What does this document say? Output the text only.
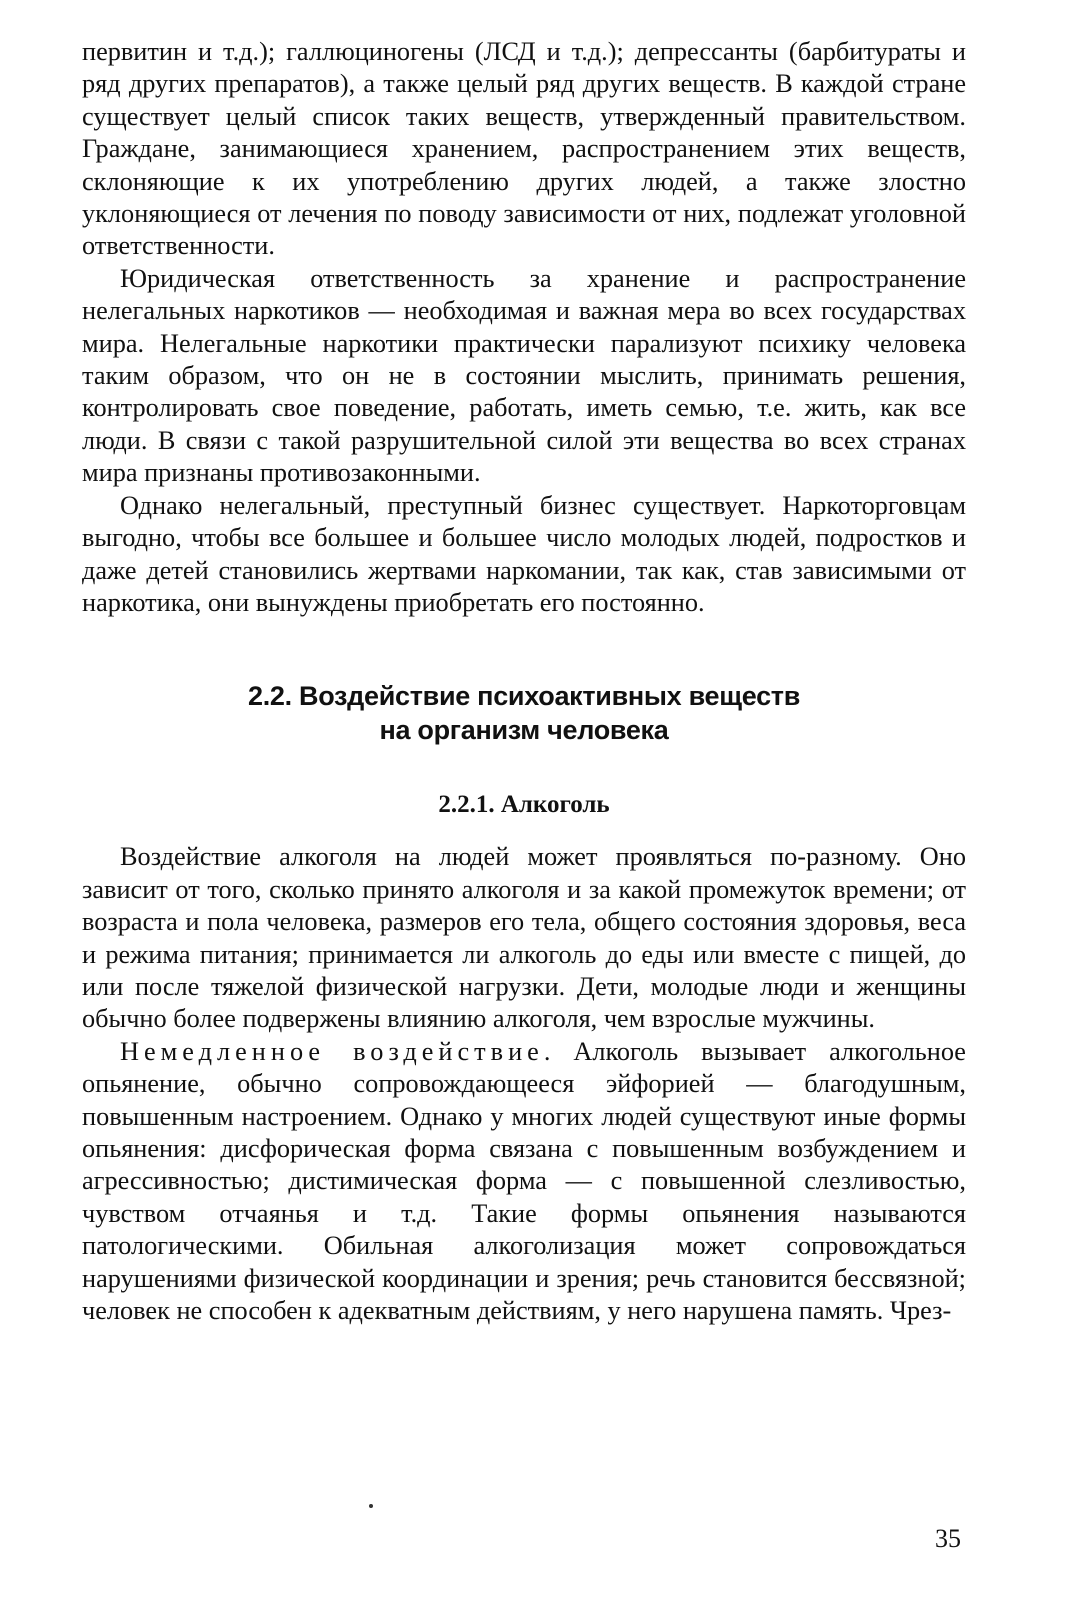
первитин и т.д.); галлюциногены (ЛСД и т.д.); депрессанты (барбитураты и ряд других препаратов), а также целый ряд других веществ. В каждой стране существует целый список таких веществ, утвержденный правительством. Граждане, занимающиеся хранением, распространением этих веществ, склоняющие к их употреблению других людей, а также злостно уклоняющиеся от лечения по поводу зависимости от них, подлежат уголовной ответственности.

Юридическая ответственность за хранение и распространение нелегальных наркотиков — необходимая и важная мера во всех государствах мира. Нелегальные наркотики практически парализуют психику человека таким образом, что он не в состоянии мыслить, принимать решения, контролировать свое поведение, работать, иметь семью, т.е. жить, как все люди. В связи с такой разрушительной силой эти вещества во всех странах мира признаны противозаконными.

Однако нелегальный, преступный бизнес существует. Наркоторговцам выгодно, чтобы все большее и большее число молодых людей, подростков и даже детей становились жертвами наркомании, так как, став зависимыми от наркотика, они вынуждены приобретать его постоянно.

2.2. Воздействие психоактивных веществ
на организм человека
2.2.1. Алкоголь

Воздействие алкоголя на людей может проявляться по-разному. Оно зависит от того, сколько принято алкоголя и за какой промежуток времени; от возраста и пола человека, размеров его тела, общего состояния здоровья, веса и режима питания; принимается ли алкоголь до еды или вместе с пищей, до или после тяжелой физической нагрузки. Дети, молодые люди и женщины обычно более подвержены влиянию алкоголя, чем взрослые мужчины.

Немедленное воздействие. Алкоголь вызывает алкогольное опьянение, обычно сопровождающееся эйфорией — благодушным, повышенным настроением. Однако у многих людей существуют иные формы опьянения: дисфорическая форма связана с повышенным возбуждением и агрессивностью; дистимическая форма — с повышенной слезливостью, чувством отчаянья и т.д. Такие формы опьянения называются патологическими. Обильная алкоголизация может сопровождаться нарушениями физической координации и зрения; речь становится бессвязной; человек не способен к адекватным действиям, у него нарушена память. Чрез-

35
